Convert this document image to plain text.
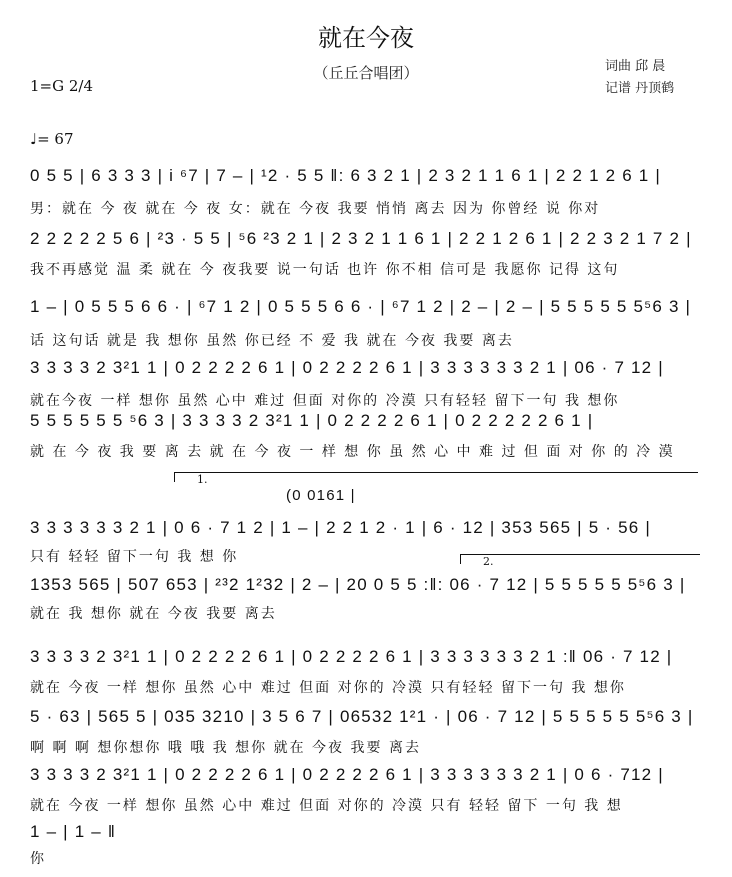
就在今夜
（丘丘合唱团）	词曲 邱 晨
记谱 丹顶鹤
1=G 2/4
♩= 67
0 5 5 | 6 3 3 3 | i ⁶7 | 7 – | ¹2 · 5 5 ‖: 6 3 2 1 | 2 3 2 1 1 6 1 | 2 2 1 2 6 1 |
男：就在 今 夜 就在 今 夜 女：就在 今夜 我要 悄悄 离去 因为 你曾经 说 你对
2 2 2 2 2 5 6 | ²3 · 5 5 | ⁵6 ²3 2 1 | 2 3 2 1 1 6 1 | 2 2 1 2 6 1 | 2 2 3 2 1 7 2 |
我不再感觉 温 柔 就在 今 夜我要 说一句话 也许 你不相 信可是 我愿你 记得 这句
1 – | 0 5 5 5 6 6 · | ⁶7 1 2 | 0 5 5 5 6 6 · | ⁶7 1 2 | 2 – | 2 – | 5 5 5 5 5 5⁵6 3 |
话 这句话 就是 我 想你 虽然 你已经 不 爱 我 就在 今夜 我要 离去
3 3 3 3 2 3²1 1 | 0 2 2 2 2 6 1 | 0 2 2 2 2 6 1 | 3 3 3 3 3 3 2 1 | 06 · 7 12 |
就在今夜 一样 想你 虽然 心中 难过 但面 对你的 冷漠 只有轻轻 留下一句 我 想你
5 5 5 5 5 5 ⁵6 3 | 3 3 3 3 2 3²1 1 | 0 2 2 2 2 6 1 | 0 2 2 2 2 2 6 1 |
就 在 今 夜 我 要 离 去 就 在 今 夜 一 样 想 你 虽 然 心 中 难 过 但 面 对 你 的 冷 漠
1.
(0 0161 |
3 3 3 3 3 3 2 1 | 0 6 · 7 1 2 | 1 – | 2 2 1 2 · 1 | 6 · 12 | 353 565 | 5 · 56 |
只有 轻轻 留下一句 我 想 你	2.
1353 565 | 507 653 | ²³2 1²32 | 2 – | 20 0 5 5 :‖: 06 · 7 12 | 5 5 5 5 5 5⁵6 3 |
就在 我 想你 就在 今夜 我要 离去
3 3 3 3 2 3²1 1 | 0 2 2 2 2 6 1 | 0 2 2 2 2 6 1 | 3 3 3 3 3 3 2 1 :‖ 06 · 7 12 |
就在 今夜 一样 想你 虽然 心中 难过 但面 对你的 冷漠 只有轻轻 留下一句 我 想你
5 · 63 | 565 5 | 035 3210 | 3 5 6 7 | 06532 1²1 · | 06 · 7 12 | 5 5 5 5 5 5⁵6 3 |
啊 啊 啊 想你想你 哦 哦 我 想你 就在 今夜 我要 离去
3 3 3 3 2 3²1 1 | 0 2 2 2 2 6 1 | 0 2 2 2 2 6 1 | 3 3 3 3 3 3 2 1 | 0 6 · 712 |
就在 今夜 一样 想你 虽然 心中 难过 但面 对你的 冷漠 只有 轻轻 留下 一句 我 想
1 – | 1 – ‖
你
